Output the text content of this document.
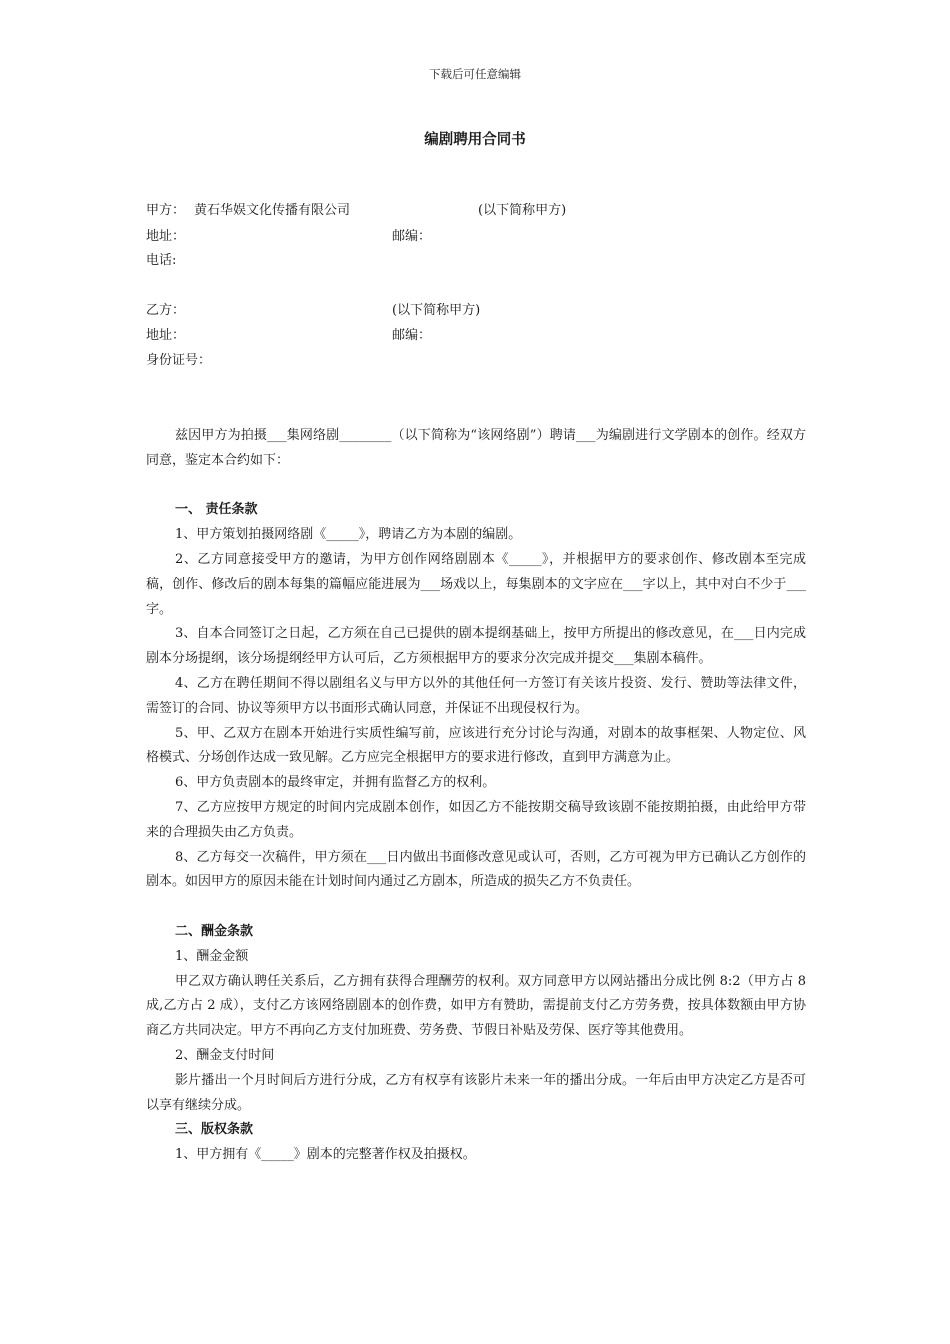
下载后可任意编辑
编剧聘用合同书
甲方： 黄石华娱文化传播有限公司	(以下简称甲方)
地址：	邮编：
电话:
乙方：	(以下简称甲方)
地址：	邮编：
身份证号：

兹因甲方为拍摄___集网络剧________（以下简称为“该网络剧”）聘请___为编剧进行文学剧本的创作。经双方同意，鉴定本合约如下：

一、 责任条款

1、甲方策划拍摄网络剧《_____》，聘请乙方为本剧的编剧。

2、乙方同意接受甲方的邀请，为甲方创作网络剧剧本《_____》，并根据甲方的要求创作、修改剧本至完成稿，创作、修改后的剧本每集的篇幅应能进展为___场戏以上，每集剧本的文字应在___字以上，其中对白不少于___字。

3、自本合同签订之日起，乙方须在自己已提供的剧本提纲基础上，按甲方所提出的修改意见，在___日内完成剧本分场提纲，该分场提纲经甲方认可后，乙方须根据甲方的要求分次完成并提交___集剧本稿件。

4、乙方在聘任期间不得以剧组名义与甲方以外的其他任何一方签订有关该片投资、发行、赞助等法律文件，需签订的合同、协议等须甲方以书面形式确认同意，并保证不出现侵权行为。

5、甲、乙双方在剧本开始进行实质性编写前，应该进行充分讨论与沟通，对剧本的故事框架、人物定位、风格模式、分场创作达成一致见解。乙方应完全根据甲方的要求进行修改，直到甲方满意为止。

6、甲方负责剧本的最终审定，并拥有监督乙方的权利。

7、乙方应按甲方规定的时间内完成剧本创作，如因乙方不能按期交稿导致该剧不能按期拍摄，由此给甲方带来的合理损失由乙方负责。

8、乙方每交一次稿件，甲方须在___日内做出书面修改意见或认可，否则，乙方可视为甲方已确认乙方创作的剧本。如因甲方的原因未能在计划时间内通过乙方剧本，所造成的损失乙方不负责任。

二、酬金条款

1、酬金金额

甲乙双方确认聘任关系后，乙方拥有获得合理酬劳的权利。双方同意甲方以网站播出分成比例 8:2（甲方占 8 成,乙方占 2 成），支付乙方该网络剧剧本的创作费，如甲方有赞助，需提前支付乙方劳务费，按具体数额由甲方协商乙方共同决定。甲方不再向乙方支付加班费、劳务费、节假日补贴及劳保、医疗等其他费用。

2、酬金支付时间

影片播出一个月时间后方进行分成，乙方有权享有该影片未来一年的播出分成。一年后由甲方决定乙方是否可以享有继续分成。

三、版权条款

1、甲方拥有《_____》剧本的完整著作权及拍摄权。
